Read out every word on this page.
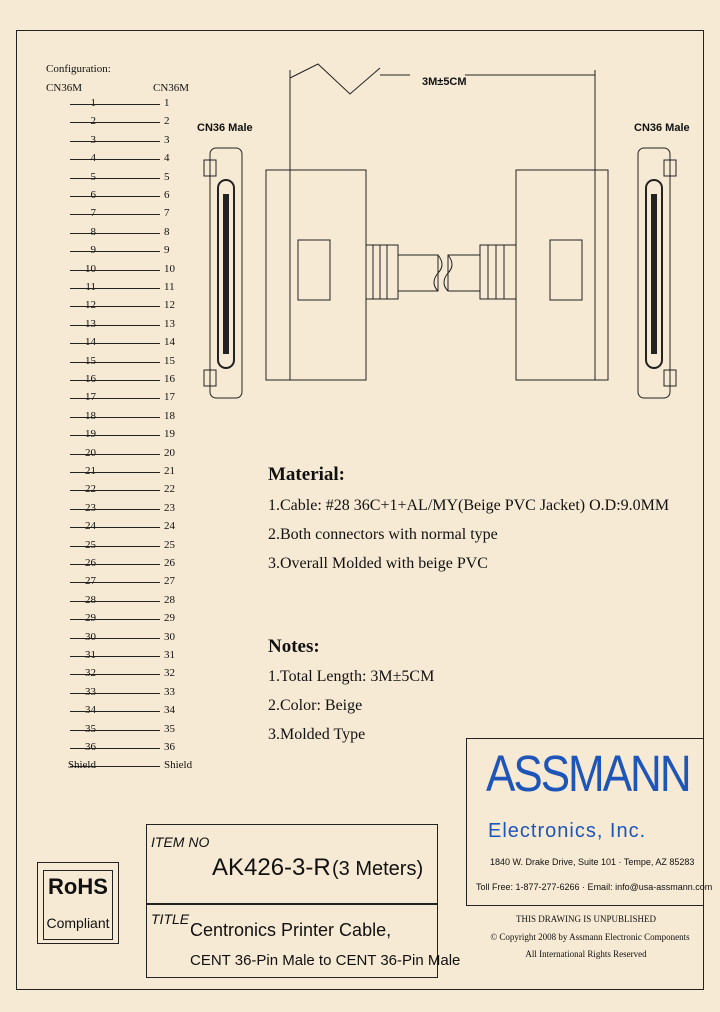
Configuration:
CN36M	CN36M
1	1
2	2
3	3
4	4
5	5
6	6
7	7
8	8
9	9
10	10
11	11
12	12
13	13
14	14
15	15
16	16
17	17
18	18
19	19
20	20
21	21
22	22
23	23
24	24
25	25
26	26
27	27
28	28
29	29
30	30
31	31
32	32
33	33
34	34
35	35
36	36
Shield	Shield
3M±5CM
CN36 Male	CN36 Male
Material:
1.Cable: #28 36C+1+AL/MY(Beige PVC Jacket) O.D:9.0MM
2.Both connectors with normal type
3.Overall Molded with beige PVC
Notes:
1.Total Length: 3M±5CM
2.Color: Beige
3.Molded Type
ASSMANN
Electronics, Inc.
1840 W. Drake Drive, Suite 101 · Tempe, AZ 85283
Toll Free: 1-877-277-6266 · Email: info@usa-assmann.com
THIS DRAWING IS UNPUBLISHED
© Copyright 2008 by Assmann Electronic Components
All International Rights Reserved
RoHS
Compliant
ITEM NO
AK426-3-R (3 Meters)
TITLE
Centronics Printer Cable,
CENT 36-Pin Male to CENT 36-Pin Male
